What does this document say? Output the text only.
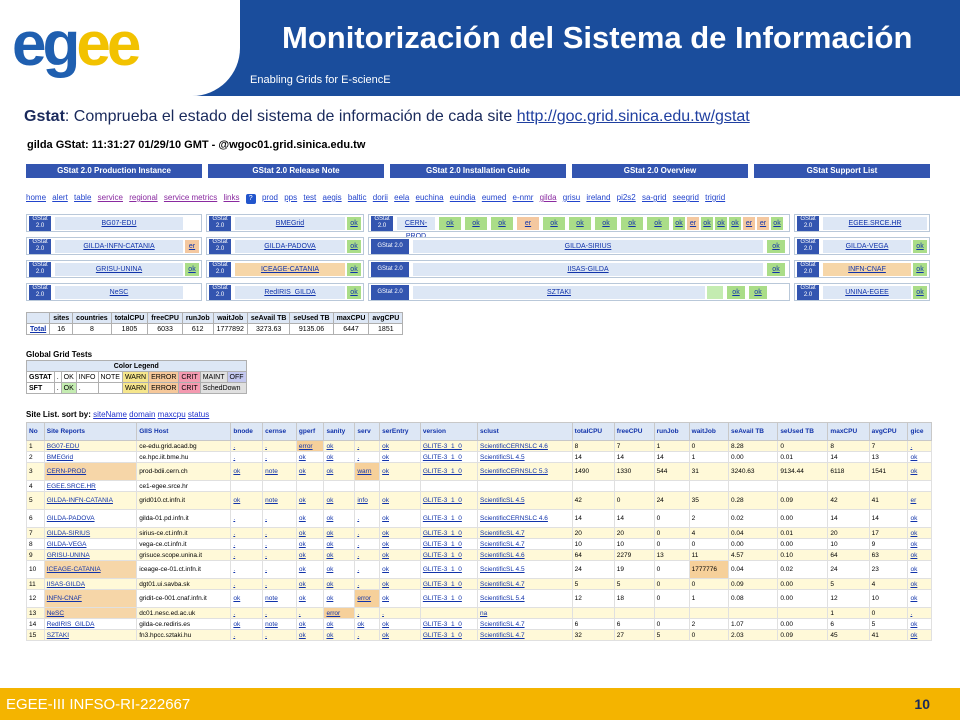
egee
Enabling Grids for E-sciencE
Monitorización del Sistema de Información
Gstat: Comprueba el estado del sistema de información de cada site http://goc.grid.sinica.edu.tw/gstat
gilda GStat: 11:31:27 01/29/10 GMT - @wgoc01.grid.sinica.edu.tw
GStat 2.0 Production Instance	GStat 2.0 Release Note	GStat 2.0 Installation Guide	GStat 2.0 Overview	GStat Support List
home alert table service regional service metrics links ? prod pps test aegis baltic dorii eela euchina euindia eumed e-nmr gilda grisu ireland pi2s2 sa-grid seegrid trigrid
GStat 2.0	BG07-EDU
GStat 2.0	GILDA-INFN-CATANIA	er
GStat 2.0	GRISU-UNINA	ok
GStat 2.0	NeSC
GStat 2.0	BMEGrid	ok
GStat 2.0	GILDA-PADOVA	ok
GStat 2.0	ICEAGE-CATANIA	ok
GStat 2.0	RedIRIS_GILDA	ok
GStat 2.0	CERN-	ok	ok	ok	er	ok	ok	ok	ok	ok	ok	er	ok ok ok	er	er	ok
GStat 2.0	GILDA-SIRIUS	ok
GStat 2.0	IISAS-GILDA	ok
GStat 2.0	SZTAKI	ok	ok
GStat 2.0	EGEE.SRCE.HR
GStat 2.0	GILDA-VEGA	ok
GStat 2.0	INFN-CNAF	ok
GStat 2.0	UNINA-EGEE	ok
	sites	countries	totalCPU	freeCPU	runJob	waitJob	seAvail TB	seUsed TB	maxCPU	avgCPU
Total	16	8	1805	6033	612	1777892	3273.63	9135.06	6447	1851
Global Grid Tests
Color Legend									
GSTAT	.	OK	INFO	NOTE	WARN	ERROR	CRIT	MAINT	OFF
SFT	.	OK	.		WARN	ERROR	CRIT	SchedDown	
Site List. sort by: siteName domain maxcpu status
No	Site Reports	GIIS Host	bnode	cernse	gperf	sanity	serv	serEntry	version	sclust	totalCPU	freeCPU	runJob	waitJob	seAvail TB	seUsed TB	maxCPU	avgCPU	gice
1	BG07-EDU	ce-edu.grid.acad.bg	.	.	error	ok	.	ok	GLITE-3_1_0	ScientificCERNSLC 4.6	8	7	1	0	8.28	0	8	7	.
2	BMEGrid	ce.hpc.iit.bme.hu	.	.	ok	ok	.	ok	GLITE-3_1_0	ScientificSL 4.5	14	14	14	1	0.00	0.01	14	13	ok
3	CERN-PROD	prod-bdii.cern.ch	ok	note	ok	ok	warn	ok	GLITE-3_1_0	ScientificCERNSLC 5.3	1490	1330	544	31	3240.63	9134.44	6118	1541	ok
4	EGEE.SRCE.HR	ce1-egee.srce.hr																	
5	GILDA-INFN-CATANIA	grid010.ct.infn.it	ok	note	ok	ok	info	ok	GLITE-3_1_0	ScientificSL 4.5	42	0	24	35	0.28	0.09	42	41	er
6	GILDA-PADOVA	gilda-01.pd.infn.it	.	.	ok	ok	.	ok	GLITE-3_1_0	ScientificCERNSLC 4.6	14	14	0	2	0.02	0.00	14	14	ok
7	GILDA-SIRIUS	sirius-ce.ct.infn.it	.	.	ok	ok	.	ok	GLITE-3_1_0	ScientificSL 4.7	20	20	0	4	0.04	0.01	20	17	ok
8	GILDA-VEGA	vega-ce.ct.infn.it	.	.	ok	ok	.	ok	GLITE-3_1_0	ScientificSL 4.7	10	10	0	0	0.00	0.00	10	9	ok
9	GRISU-UNINA	grisuce.scope.unina.it	.	.	ok	ok	.	ok	GLITE-3_1_0	ScientificSL 4.6	64	2279	13	11	4.57	0.10	64	63	ok
10	ICEAGE-CATANIA	iceage-ce-01.ct.infn.it	.	.	ok	ok	.	ok	GLITE-3_1_0	ScientificSL 4.5	24	19	0	1777776	0.04	0.02	24	23	ok
11	IISAS-GILDA	dgt01.ui.savba.sk	.	.	ok	ok	.	ok	GLITE-3_1_0	ScientificSL 4.7	5	5	0	0	0.09	0.00	5	4	ok
12	INFN-CNAF	gridit-ce-001.cnaf.infn.it	ok	note	ok	ok	error	ok	GLITE-3_1_0	ScientificSL 5.4	12	18	0	1	0.08	0.00	12	10	ok
13	NeSC	dc01.nesc.ed.ac.uk	.	.	.	error	.	.		na							1	0	.
14	RedIRIS_GILDA	gilda-ce.rediris.es	ok	note	ok	ok	ok	ok	GLITE-3_1_0	ScientificSL 4.7	6	6	0	2	1.07	0.00	6	5	ok
15	SZTAKI	fn3.hpcc.sztaki.hu	.	.	ok	ok	.	ok	GLITE-3_1_0	ScientificSL 4.7	32	27	5	0	2.03	0.09	45	41	ok
EGEE-III INFSO-RI-222667	10
